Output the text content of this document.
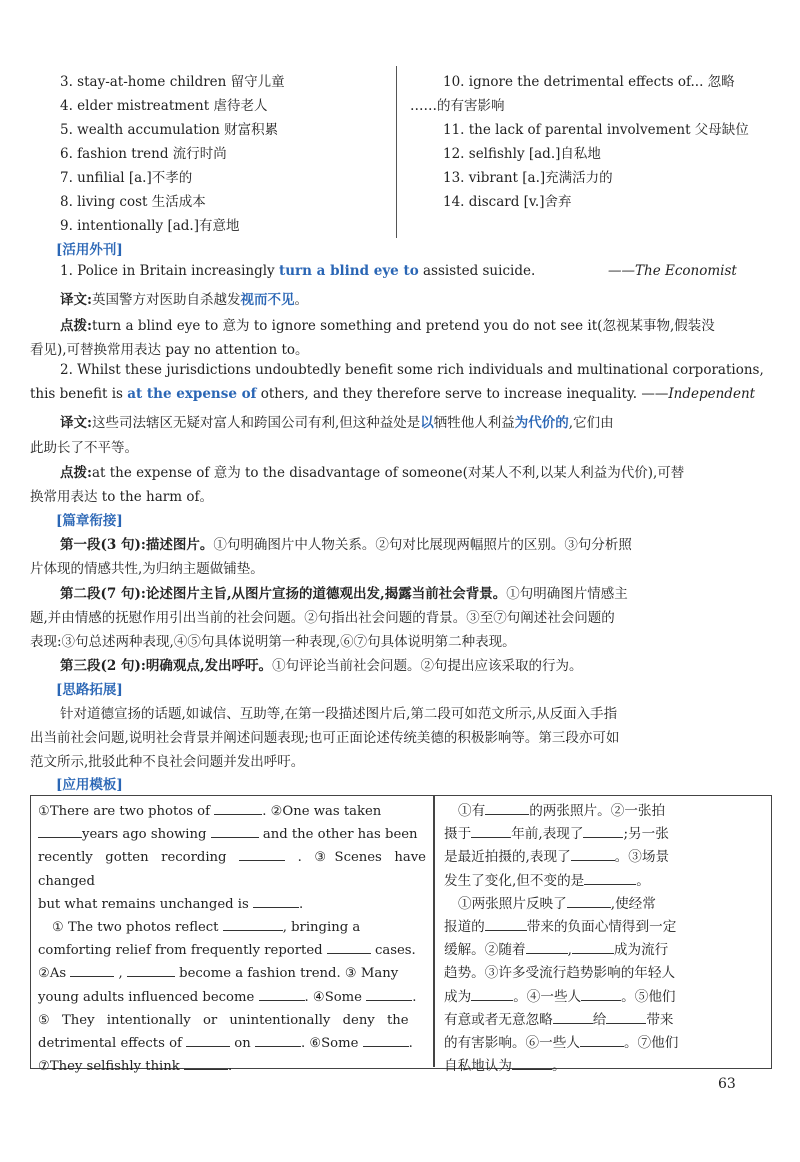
3. stay-at-home children 留守儿童
4. elder mistreatment 虐待老人
5. wealth accumulation 财富积累
6. fashion trend 流行时尚
7. unfilial [a.]不孝的
8. living cost 生活成本
9. intentionally [ad.]有意地
10. ignore the detrimental effects of... 忽略
……的有害影响
11. the lack of parental involvement 父母缺位
12. selfishly [ad.]自私地
13. vibrant [a.]充满活力的
14. discard [v.]舍弃
[活用外刊]
1. Police in Britain increasingly turn a blind eye to assisted suicide.	——The Economist
译文:英国警方对医助自杀越发视而不见。
点拨:turn a blind eye to 意为 to ignore something and pretend you do not see it(忽视某事物,假装没
看见),可替换常用表达 pay no attention to。
2. Whilst these jurisdictions undoubtedly benefit some rich individuals and multinational corporations,
this benefit is at the expense of others, and they therefore serve to increase inequality. ——Independent
译文:这些司法辖区无疑对富人和跨国公司有利,但这种益处是以牺牲他人利益为代价的,它们由
此助长了不平等。
点拨:at the expense of 意为 to the disadvantage of someone(对某人不利,以某人利益为代价),可替
换常用表达 to the harm of。
[篇章衔接]
第一段(3 句):描述图片。①句明确图片中人物关系。②句对比展现两幅照片的区别。③句分析照
片体现的情感共性,为归纳主题做铺垫。
第二段(7 句):论述图片主旨,从图片宣扬的道德观出发,揭露当前社会背景。①句明确图片情感主
题,并由情感的抚慰作用引出当前的社会问题。②句指出社会问题的背景。③至⑦句阐述社会问题的
表现:③句总述两种表现,④⑤句具体说明第一种表现,⑥⑦句具体说明第二种表现。
第三段(2 句):明确观点,发出呼吁。①句评论当前社会问题。②句提出应该采取的行为。
[思路拓展]
针对道德宣扬的话题,如诚信、互助等,在第一段描述图片后,第二段可如范文所示,从反面入手指
出当前社会问题,说明社会背景并阐述问题表现;也可正面论述传统美德的积极影响等。第三段亦可如
范文所示,批驳此种不良社会问题并发出呼吁。
[应用模板]
①There are two photos of	. ②One was taken
years ago showing	and the other has been
recently gotten recording	. ③Scenes have changed
but what remains unchanged is	.
① The two photos reflect	, bringing a
comforting relief from frequently reported	cases.
②As	,	become a fashion trend. ③ Many
young adults influenced become	. ④Some	.
⑤ They intentionally or unintentionally deny the
detrimental effects of	on	. ⑥Some	.
⑦They selfishly think	.
①有	的两张照片。②一张拍
摄于	年前,表现了	;另一张
是最近拍摄的,表现了	。③场景
发生了变化,但不变的是	。
①两张照片反映了	,使经常
报道的	带来的负面心情得到一定
缓解。②随着	,	成为流行
趋势。③许多受流行趋势影响的年轻人
成为	。④一些人	。⑤他们
有意或者无意忽略	给	带来
的有害影响。⑥一些人	。⑦他们
自私地认为	。
63
